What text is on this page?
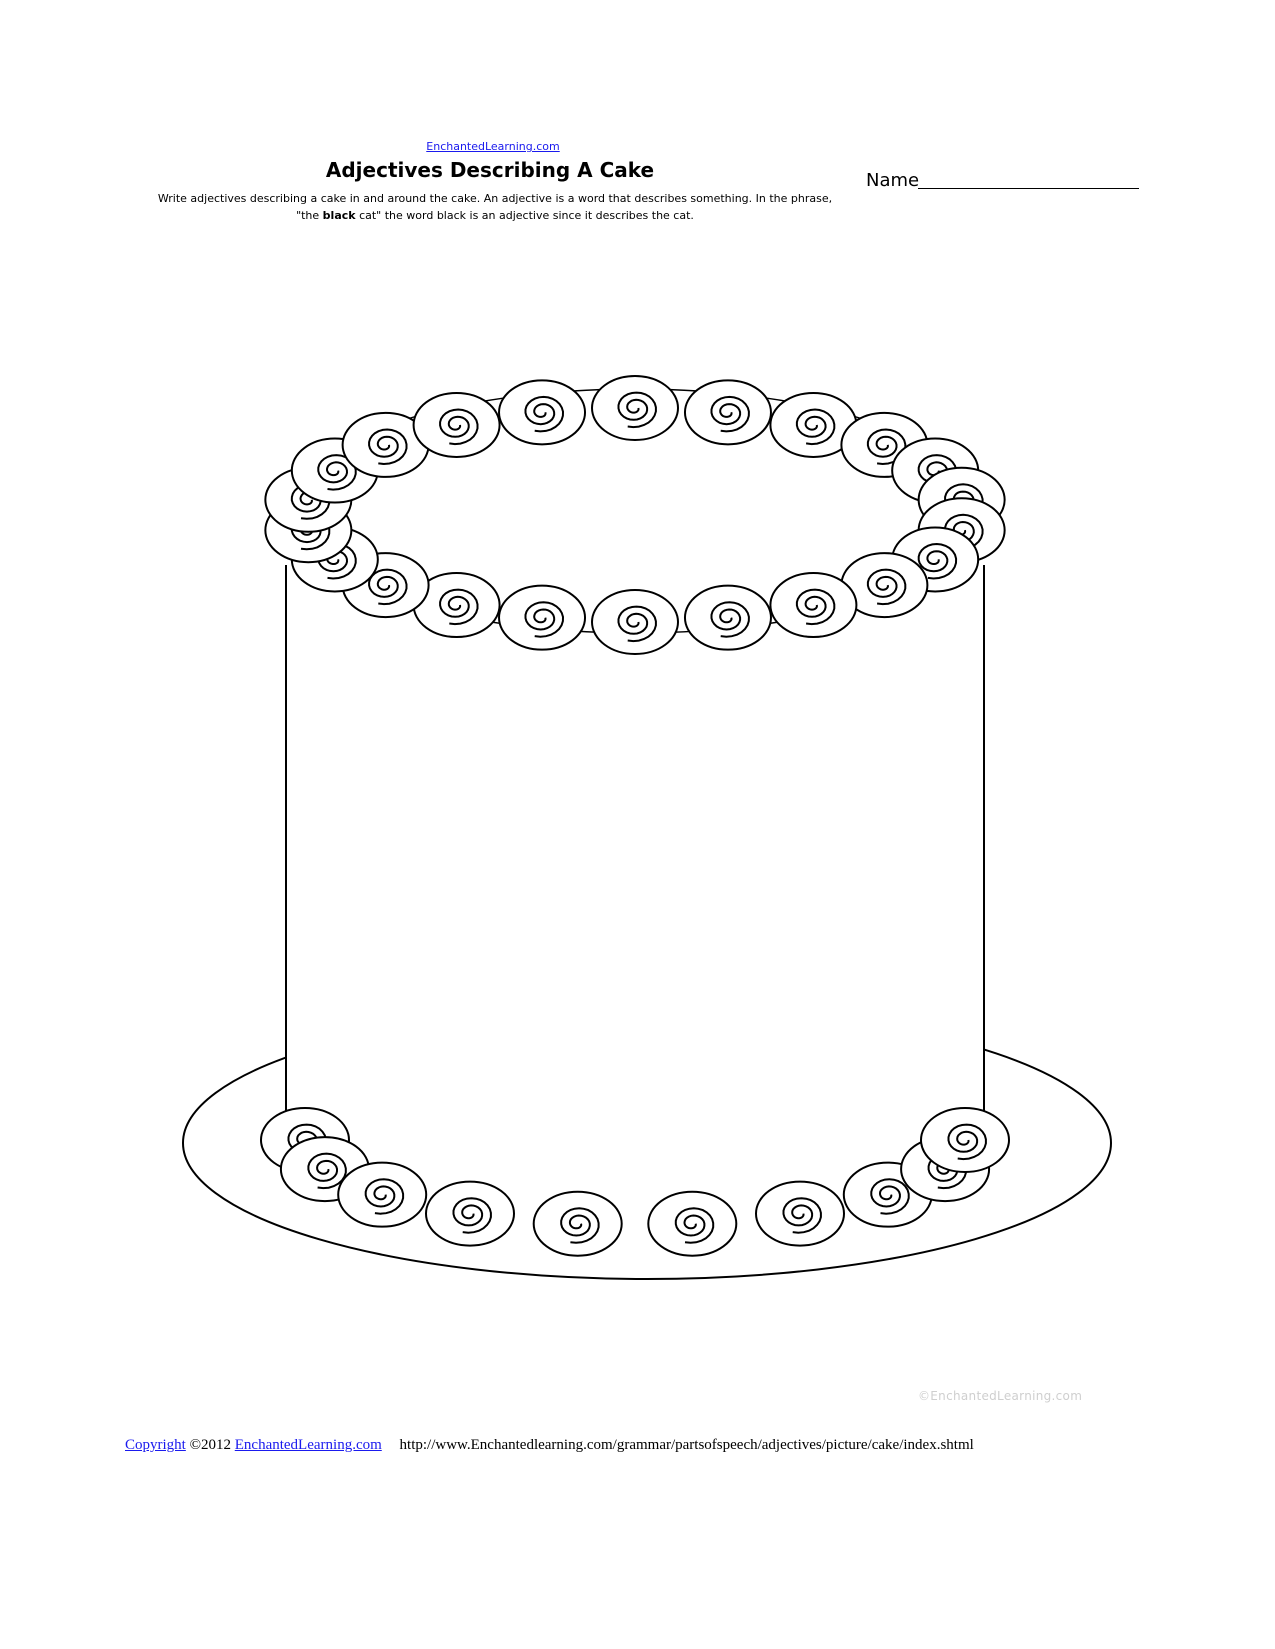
EnchantedLearning.com
Adjectives Describing A Cake

Write adjectives describing a cake in and around the cake. An adjective is a word that describes something. In the phrase, "the black cat" the word black is an adjective since it describes the cat.

Name
©EnchantedLearning.com
Copyright ©2012 EnchantedLearning.com http://www.Enchantedlearning.com/grammar/partsofspeech/adjectives/picture/cake/index.shtml
